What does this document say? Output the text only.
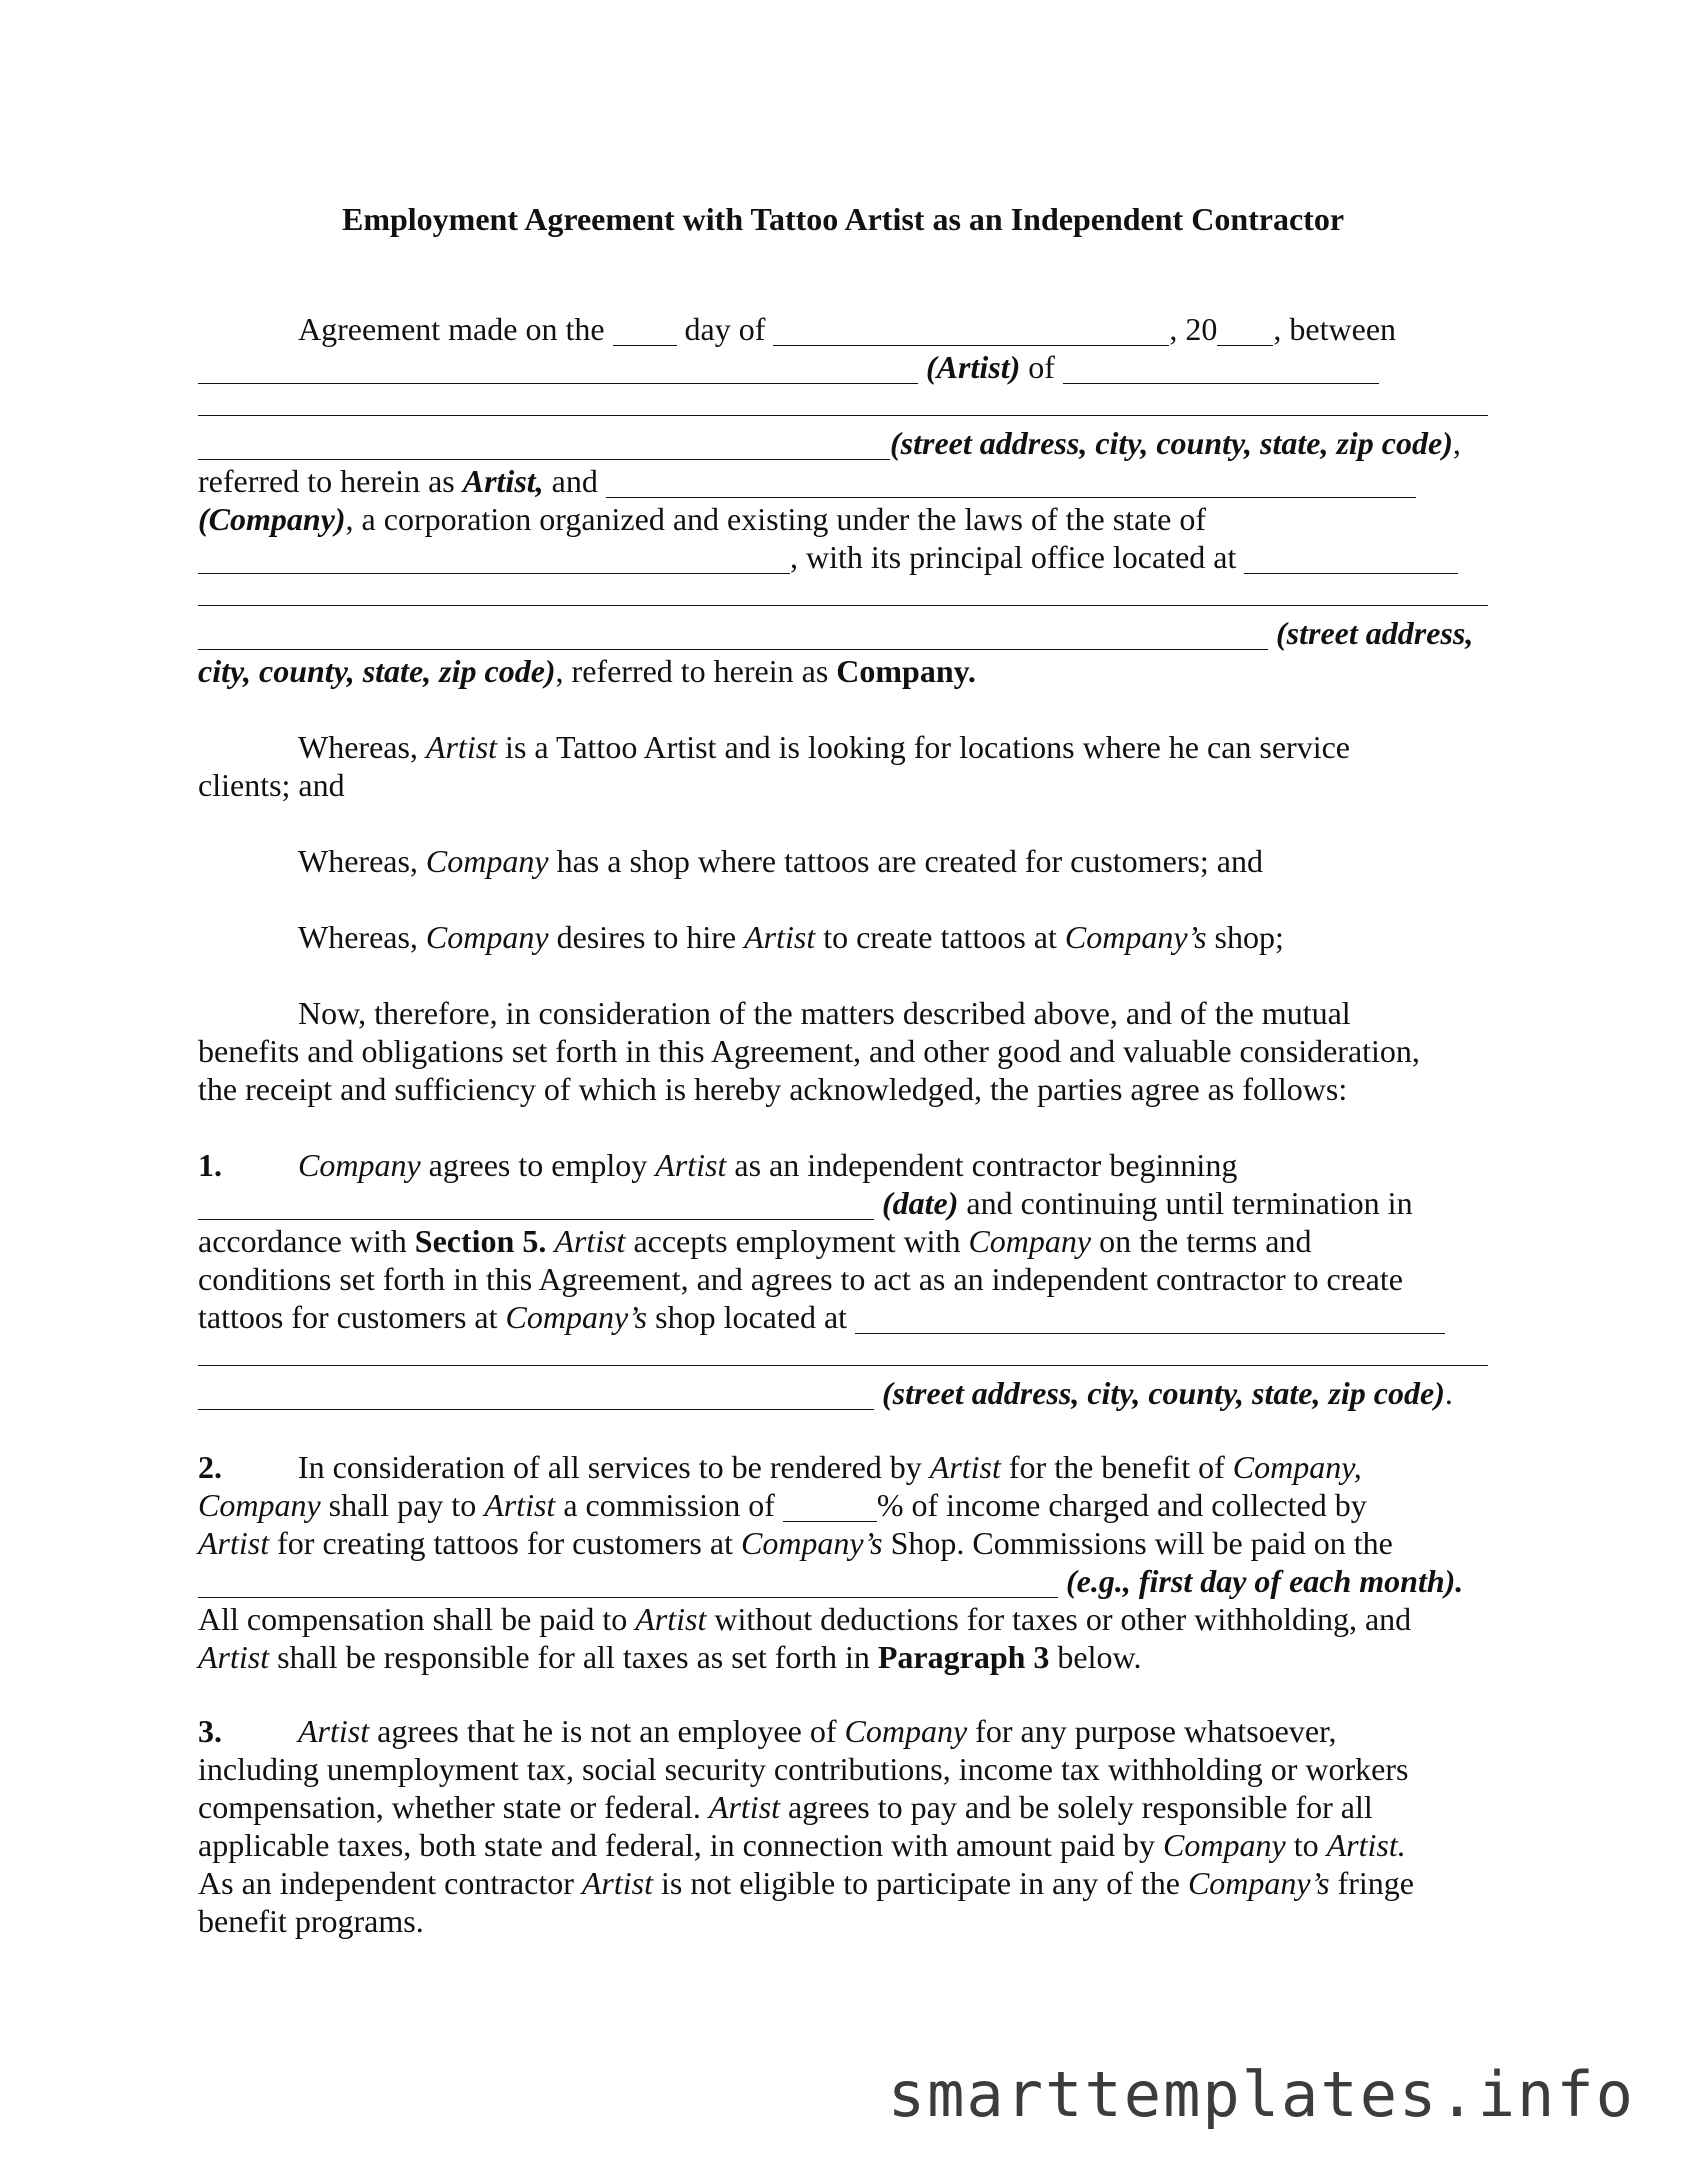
Employment Agreement with Tattoo Artist as an Independent Contractor
Agreement made on the	day of	, 20 , between
(Artist) of
(street address, city, county, state, zip code),
referred to herein as Artist, and
(Company), a corporation organized and existing under the laws of the state of
, with its principal office located at
(street address,
city, county, state, zip code), referred to herein as Company.
Whereas, Artist is a Tattoo Artist and is looking for locations where he can service
clients; and
Whereas, Company has a shop where tattoos are created for customers; and
Whereas, Company desires to hire Artist to create tattoos at Company’s shop;
Now, therefore, in consideration of the matters described above, and of the mutual
benefits and obligations set forth in this Agreement, and other good and valuable consideration,
the receipt and sufficiency of which is hereby acknowledged, the parties agree as follows:
1. Company agrees to employ Artist as an independent contractor beginning
(date) and continuing until termination in
accordance with Section 5. Artist accepts employment with Company on the terms and
conditions set forth in this Agreement, and agrees to act as an independent contractor to create
tattoos for customers at Company’s shop located at
(street address, city, county, state, zip code).
2. In consideration of all services to be rendered by Artist for the benefit of Company,
Company shall pay to Artist a commission of	% of income charged and collected by
Artist for creating tattoos for customers at Company’s Shop. Commissions will be paid on the
(e.g., first day of each month).
All compensation shall be paid to Artist without deductions for taxes or other withholding, and
Artist shall be responsible for all taxes as set forth in Paragraph 3 below.
3. Artist agrees that he is not an employee of Company for any purpose whatsoever,
including unemployment tax, social security contributions, income tax withholding or workers
compensation, whether state or federal. Artist agrees to pay and be solely responsible for all
applicable taxes, both state and federal, in connection with amount paid by Company to Artist.
As an independent contractor Artist is not eligible to participate in any of the Company’s fringe
benefit programs.
smarttemplates.info
